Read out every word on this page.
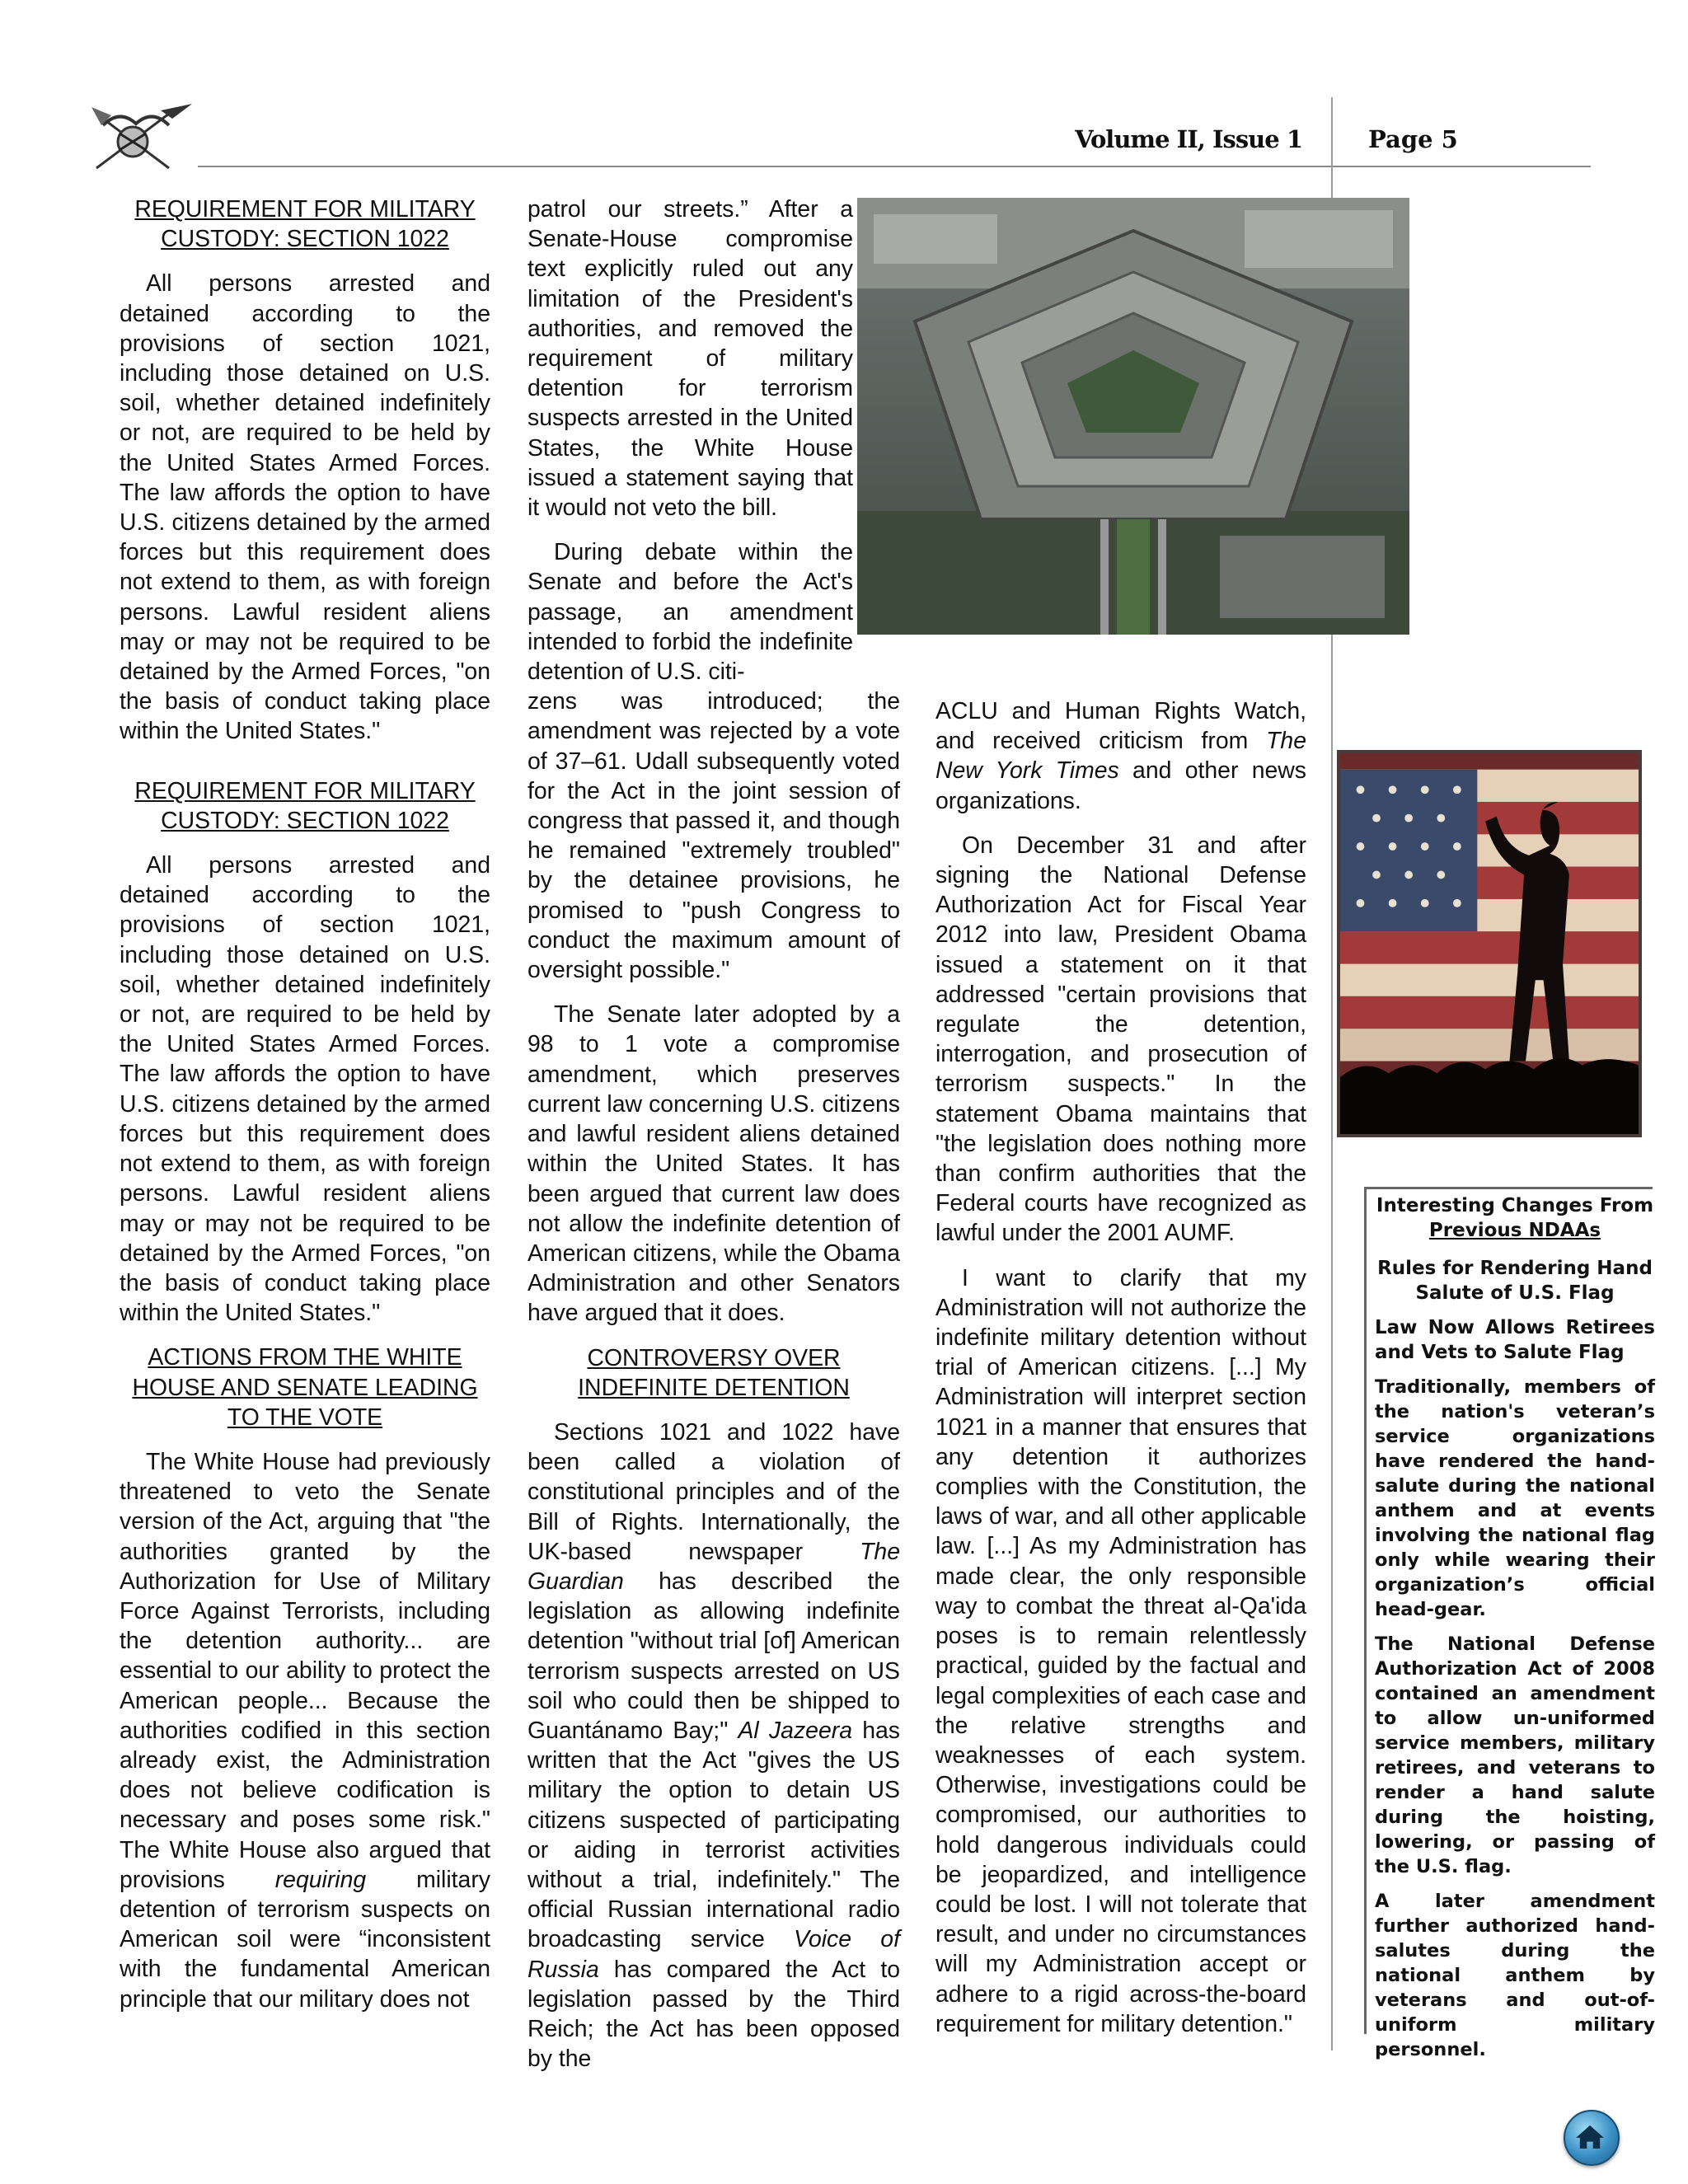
Volume II, Issue 1	Page 5
REQUIREMENT FOR MILITARY CUSTODY: SECTION 1022

All persons arrested and detained according to the provisions of section 1021, including those detained on U.S. soil, whether detained indefinitely or not, are required to be held by the United States Armed Forces. The law affords the option to have U.S. citizens detained by the armed forces but this requirement does not extend to them, as with foreign persons. Lawful resident aliens may or may not be required to be detained by the Armed Forces, "on the basis of conduct taking place within the United States."

REQUIREMENT FOR MILITARY CUSTODY: SECTION 1022

All persons arrested and detained according to the provisions of section 1021, including those detained on U.S. soil, whether detained indefinitely or not, are required to be held by the United States Armed Forces. The law affords the option to have U.S. citizens detained by the armed forces but this requirement does not extend to them, as with foreign persons. Lawful resident aliens may or may not be required to be detained by the Armed Forces, "on the basis of conduct taking place within the United States."

ACTIONS FROM THE WHITE HOUSE AND SENATE LEADING TO THE VOTE

The White House had previously threatened to veto the Senate version of the Act, arguing that "the authorities granted by the Authorization for Use of Military Force Against Terrorists, including the detention authority... are essential to our ability to protect the American people... Because the authorities codified in this section already exist, the Administration does not believe codification is necessary and poses some risk." The White House also argued that provisions requiring military detention of terrorism suspects on American soil were “inconsistent with the fundamental American principle that our military does not

patrol our streets.” After a Senate-House compromise text explicitly ruled out any limitation of the President's authorities, and removed the requirement of military detention for terrorism suspects arrested in the United States, the White House issued a statement saying that it would not veto the bill.

During debate within the Senate and before the Act's passage, an amendment intended to forbid the indefinite detention of U.S. citi-

zens was introduced; the amendment was rejected by a vote of 37–61. Udall subsequently voted for the Act in the joint session of congress that passed it, and though he remained "extremely troubled" by the detainee provisions, he promised to "push Congress to conduct the maximum amount of oversight possible."

The Senate later adopted by a 98 to 1 vote a compromise amendment, which preserves current law concerning U.S. citizens and lawful resident aliens detained within the United States. It has been argued that current law does not allow the indefinite detention of American citizens, while the Obama Administration and other Senators have argued that it does.

CONTROVERSY OVER INDEFINITE DETENTION

Sections 1021 and 1022 have been called a violation of constitutional principles and of the Bill of Rights. Internationally, the UK-based newspaper The Guardian has described the legislation as allowing indefinite detention "without trial [of] American terrorism suspects arrested on US soil who could then be shipped to Guantánamo Bay;" Al Jazeera has written that the Act "gives the US military the option to detain US citizens suspected of participating or aiding in terrorist activities without a trial, indefinitely." The official Russian international radio broadcasting service Voice of Russia has compared the Act to legislation passed by the Third Reich; the Act has been opposed by the

ACLU and Human Rights Watch, and received criticism from The New York Times and other news organizations.

On December 31 and after signing the National Defense Authorization Act for Fiscal Year 2012 into law, President Obama issued a statement on it that addressed "certain provisions that regulate the detention, interrogation, and prosecution of terrorism suspects." In the statement Obama maintains that "the legislation does nothing more than confirm authorities that the Federal courts have recognized as lawful under the 2001 AUMF.

I want to clarify that my Administration will not authorize the indefinite military detention without trial of American citizens. [...] My Administration will interpret section 1021 in a manner that ensures that any detention it authorizes complies with the Constitution, the laws of war, and all other applicable law. [...] As my Administration has made clear, the only responsible way to combat the threat al-Qa'ida poses is to remain relentlessly practical, guided by the factual and legal complexities of each case and the relative strengths and weaknesses of each system. Otherwise, investigations could be compromised, our authorities to hold dangerous individuals could be jeopardized, and intelligence could be lost. I will not tolerate that result, and under no circumstances will my Administration accept or adhere to a rigid across-the-board requirement for military detention."

Interesting Changes From
Previous NDAAs

Rules for Rendering Hand Salute of U.S. Flag

Law Now Allows Retirees and Vets to Salute Flag

Traditionally, members of the nation's veteran’s service organizations have rendered the hand-salute during the national anthem and at events involving the national flag only while wearing their organization’s official head-gear.

The National Defense Authorization Act of 2008 contained an amendment to allow un-uniformed service members, military retirees, and veterans to render a hand salute during the hoisting, lowering, or passing of the U.S. flag.

A later amendment further authorized hand-salutes during the national anthem by veterans and out-of-uniform military personnel.
